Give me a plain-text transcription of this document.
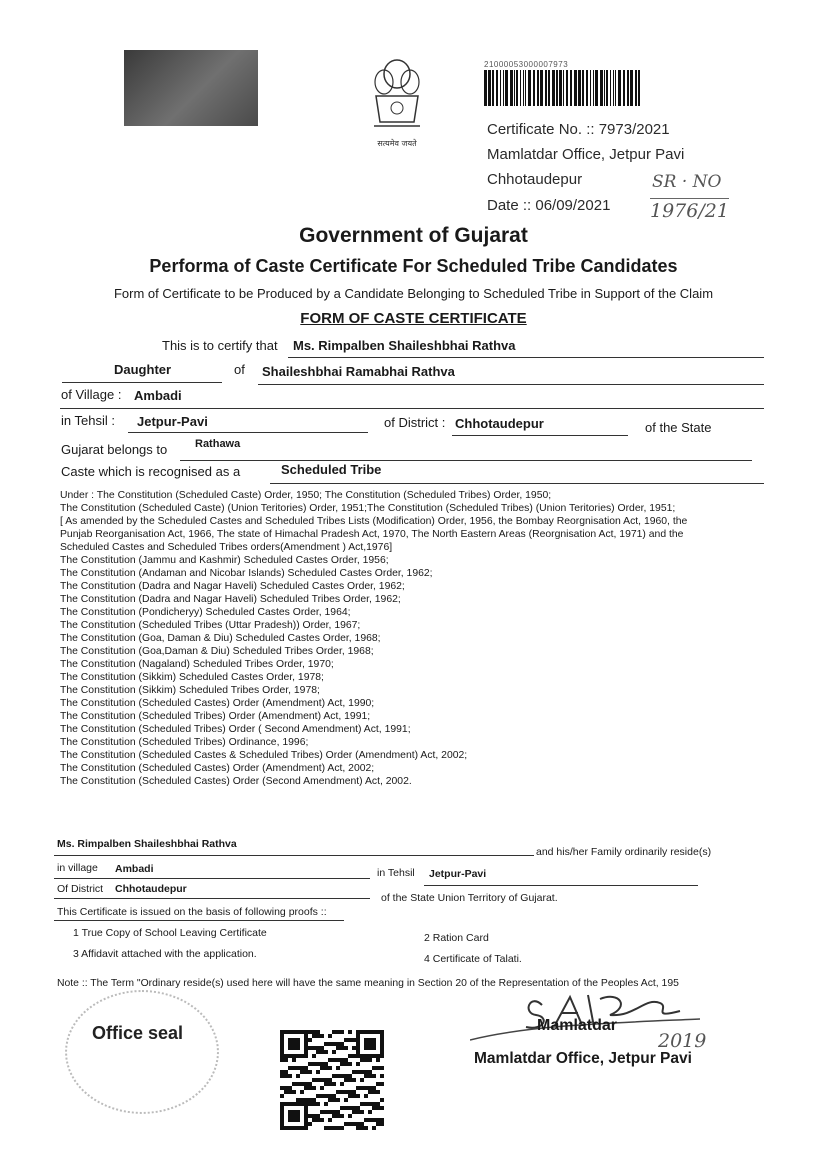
सत्यमेव जयते
21000053000007973
Certificate No. :: 7973/2021
Mamlatdar Office, Jetpur Pavi
Chhotaudepur
Date :: 06/09/2021
SR · NO
1976/21
Government of Gujarat
Performa of Caste Certificate For Scheduled Tribe Candidates
Form of Certificate to be Produced by a Candidate Belonging to Scheduled Tribe in Support of the Claim
FORM OF CASTE CERTIFICATE
This is to certify that Ms. Rimpalben Shaileshbhai Rathva
Daughter	of Shaileshbhai Ramabhai Rathva
of Village : Ambadi
in Tehsil : Jetpur-Pavi	of District : Chhotaudepur	of the State
Gujarat belongs to	Rathawa
Caste which is recognised as a	Scheduled Tribe
Under : The Constitution (Scheduled Caste) Order, 1950; The Constitution (Scheduled Tribes) Order, 1950;
The Constitution (Scheduled Caste) (Union Teritories) Order, 1951;The Constitution (Scheduled Tribes) (Union Teritories) Order, 1951;
[ As amended by the Scheduled Castes and Scheduled Tribes Lists (Modification) Order, 1956, the Bombay Reorgnisation Act, 1960, the
Punjab Reorganisation Act, 1966, The state of Himachal Pradesh Act, 1970, The North Eastern Areas (Reorgnisation Act, 1971) and the
Scheduled Castes and Scheduled Tribes orders(Amendment ) Act,1976]
The Constitution (Jammu and Kashmir) Scheduled Castes Order, 1956;
The Constitution (Andaman and Nicobar Islands) Scheduled Castes Order, 1962;
The Constitution (Dadra and Nagar Haveli) Scheduled Castes Order, 1962;
The Constitution (Dadra and Nagar Haveli) Scheduled Tribes Order, 1962;
The Constitution (Pondicheryy) Scheduled Castes Order, 1964;
The Constitution (Scheduled Tribes (Uttar Pradesh)) Order, 1967;
The Constitution (Goa, Daman & Diu) Scheduled Castes Order, 1968;
The Constitution (Goa,Daman & Diu) Scheduled Tribes Order, 1968;
The Constitution (Nagaland) Scheduled Tribes Order, 1970;
The Constitution (Sikkim) Scheduled Castes Order, 1978;
The Constitution (Sikkim) Scheduled Tribes Order, 1978;
The Constitution (Scheduled Castes) Order (Amendment) Act, 1990;
The Constitution (Scheduled Tribes) Order (Amendment) Act, 1991;
The Constitution (Scheduled Tribes) Order ( Second Amendment) Act, 1991;
The Constitution (Scheduled Tribes) Ordinance, 1996;
The Constitution (Scheduled Castes & Scheduled Tribes) Order (Amendment) Act, 2002;
The Constitution (Scheduled Castes) Order (Amendment) Act, 2002;
The Constitution (Scheduled Castes) Order (Second Amendment) Act, 2002.
Ms. Rimpalben Shaileshbhai Rathva
and his/her Family ordinarily reside(s)
in village Ambadi	in Tehsil Jetpur-Pavi
Of District Chhotaudepur
of the State Union Territory of Gujarat.
This Certificate is issued on the basis of following proofs ::
1 True Copy of School Leaving Certificate	2 Ration Card
3 Affidavit attached with the application.	4 Certificate of Talati.
Note :: The Term "Ordinary reside(s) used here will have the same meaning in Section 20 of the Representation of the Peoples Act, 195
Office seal	Mamlatdar
2019
Mamlatdar Office, Jetpur Pavi
